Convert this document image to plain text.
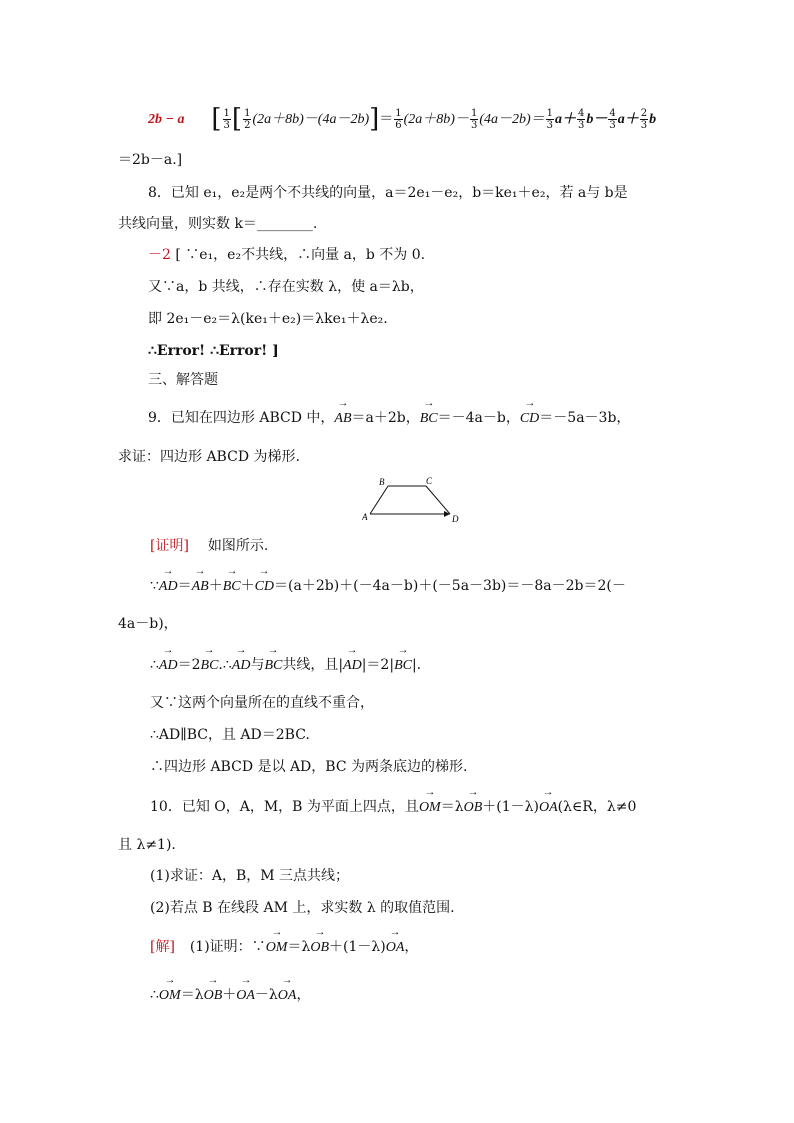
2b − a [ $\frac{1}{3}$ [ $\frac{1}{2} (2a+8b)-(4a-2b)]= \frac{1}{6} (2a+8b)- \frac{1}{3} (4a-2b)= \frac{1}{3} a+ \frac{4}{3} b- \frac{4}{3} a+ \frac{2}{3}$ b
＝2b－a.]
8．已知 e₁，e₂是两个不共线的向量，a＝2e₁－e₂，b＝ke₁＋e₂，若 a与 b是
共线向量，则实数 k＝________.
－2 [ ∵e₁，e₂不共线，∴向量 a，b 不为 0.
又∵a，b 共线，∴存在实数 λ，使 a＝λb，
即 2e₁－e₂＝λ(ke₁＋e₂)＝λke₁＋λe₂.
∴Error! ∴Error! ]
三、解答题
9．已知在四边形 ABCD 中，→ AB＝a＋2b，→ BC＝－4a－b，→ CD＝－5a－3b，
求证：四边形 ABCD 为梯形.
A
B	C
D
[证明] 如图所示.
∵→ AD＝→ AB＋→ BC＋→ CD＝(a＋2b)＋(－4a－b)＋(－5a－3b)＝－8a－2b＝2(－
4a－b)，
∴→ AD＝2→ BC.∴→ AD与→ BC共线，且|→ AD|＝2|→ BC|.
又∵这两个向量所在的直线不重合，
∴AD∥BC，且 AD＝2BC.
∴四边形 ABCD 是以 AD，BC 为两条底边的梯形.
10．已知 O，A，M，B 为平面上四点，且→ OM＝λ→ OB＋(1－λ)→ OA(λ∈R，λ≠0
且 λ≠1).
(1)求证：A，B，M 三点共线；
(2)若点 B 在线段 AM 上，求实数 λ 的取值范围.
[解] (1)证明：∵→ OM＝λ→ OB＋(1－λ)→ OA，
∴→ OM＝λ→ OB＋→ OA－λ→ OA，
